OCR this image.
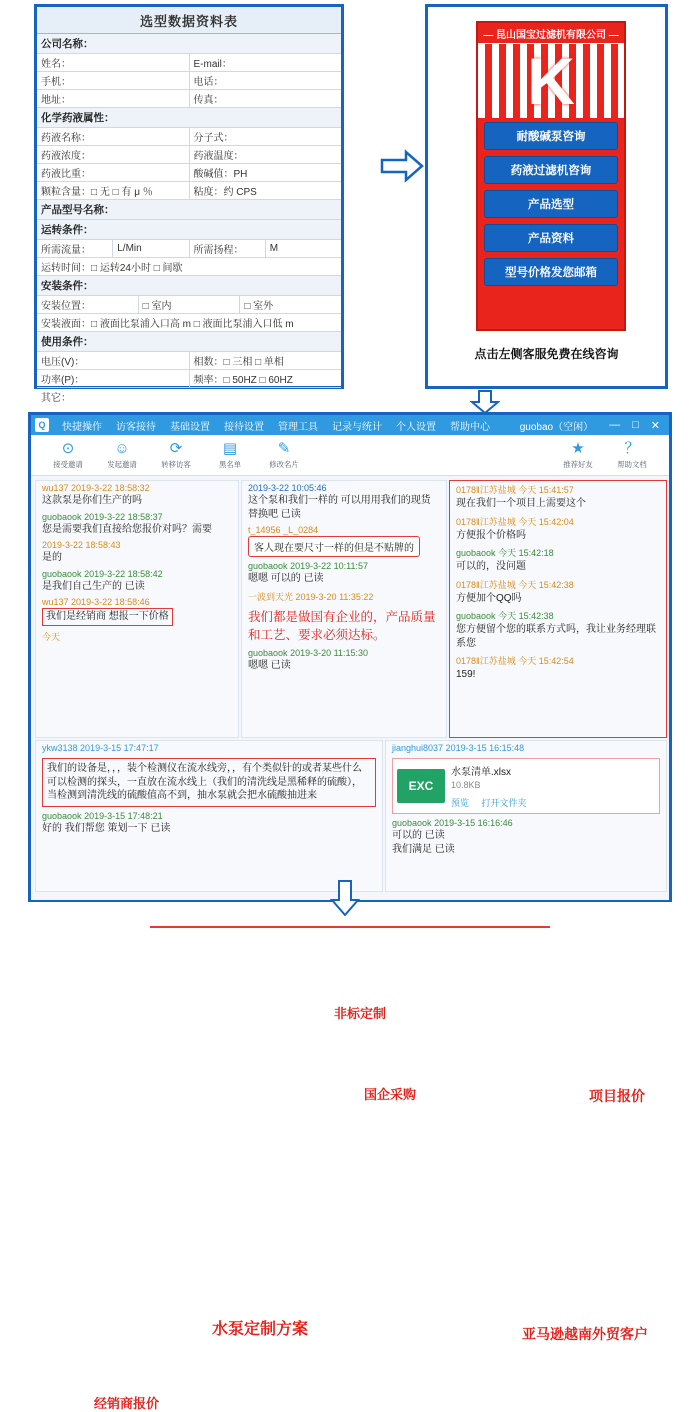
选型数据资料表
公司名称：
姓名：	E-mail：
手机：	电话：
地址：	传真：
化学药液属性：
药液名称：	分子式：
药液浓度：	药液温度：
药液比重：	酸碱值：PH
颗粒含量：□ 无 □ 有 μ ％	粘度：约 CPS
产品型号名称：
运转条件：
所需流量：	L/Min	所需扬程：	M
运转时间：□ 运转24小时 □ 间歇
安装条件：
安装位置：	□ 室内	□ 室外
安装液面：□ 液面比泵浦入口高 m □ 液面比泵浦入口低 m
使用条件：
电压(V)：	相数：□ 三相 □ 单相
功率(P)：	频率：□ 50HZ □ 60HZ
其它：
— 昆山国宝过滤机有限公司 —
K
耐酸碱泵咨询
药液过滤机咨询
产品选型
产品资料
型号价格发您邮箱
点击左侧客服免费在线咨询
Q	快捷操作	访客接待	基础设置	接待设置	管理工具	记录与统计	个人设置	帮助中心	guobao（空闲）	— □ ✕
⊙
接受邀请
☺
发起邀请
⟳
转移访客
▤
黑名单
✎
修改名片
★
推荐好友
？
帮助文档
wu137 2019-3-22 18:58:32
这款泵是你们生产的吗
guobaook 2019-3-22 18:58:37
您是需要我们直接给您报价对吗？需要
2019-3-22 18:58:43
是的
guobaook 2019-3-22 18:58:42
是我们自己生产的 已读
wu137 2019-3-22 18:58:46
我们是经销商 想报一下价格
今天
经销商报价
2019-3-22 10:05:46
这个泵和我们一样的 可以用用我们的现货替换吧 已读
t_14956 _L_0284
客人现在要尺寸一样的但是不贴牌的
guobaook 2019-3-22 10:11:57
嗯嗯 可以的 已读
一波到天光 2019-3-20 11:35:22
我们都是做国有企业的，产品质量和工艺、要求必须达标。
guobaook 2019-3-20 11:15:30
嗯嗯 已读
非标定制
国企采购
0178‖江苏盐城 今天 15:41:57
现在我们一个项目上需要这个
0178‖江苏盐城 今天 15:42:04
方便报个价格吗
guobaook 今天 15:42:18
可以的，没问题
0178‖江苏盐城 今天 15:42:38
方便加个QQ吗
guobaook 今天 15:42:38
您方便留个您的联系方式吗，我让业务经理联系您
0178‖江苏盐城 今天 15:42:54
159!
项目报价
ykw3138 2019-3-15 17:47:17
我们的设备是，，，装个检测仪在流水线旁，，有个类似针的或者某些什么可以检测的探头，一直放在流水线上（我们的清洗线是黑稀释的硫酸），当检测到清洗线的硫酸值高不到，抽水泵就会把水硫酸抽进来
guobaook 2019-3-15 17:48:21
好的 我们帮您 策划一下 已读
水泵定制方案
jianghui8037 2019-3-15 16:15:48
EXC
水泵清单.xlsx
10.8KB
预览 打开文件夹
guobaook 2019-3-15 16:16:46
可以的 已读
我们满足 已读
亚马逊越南外贸客户
